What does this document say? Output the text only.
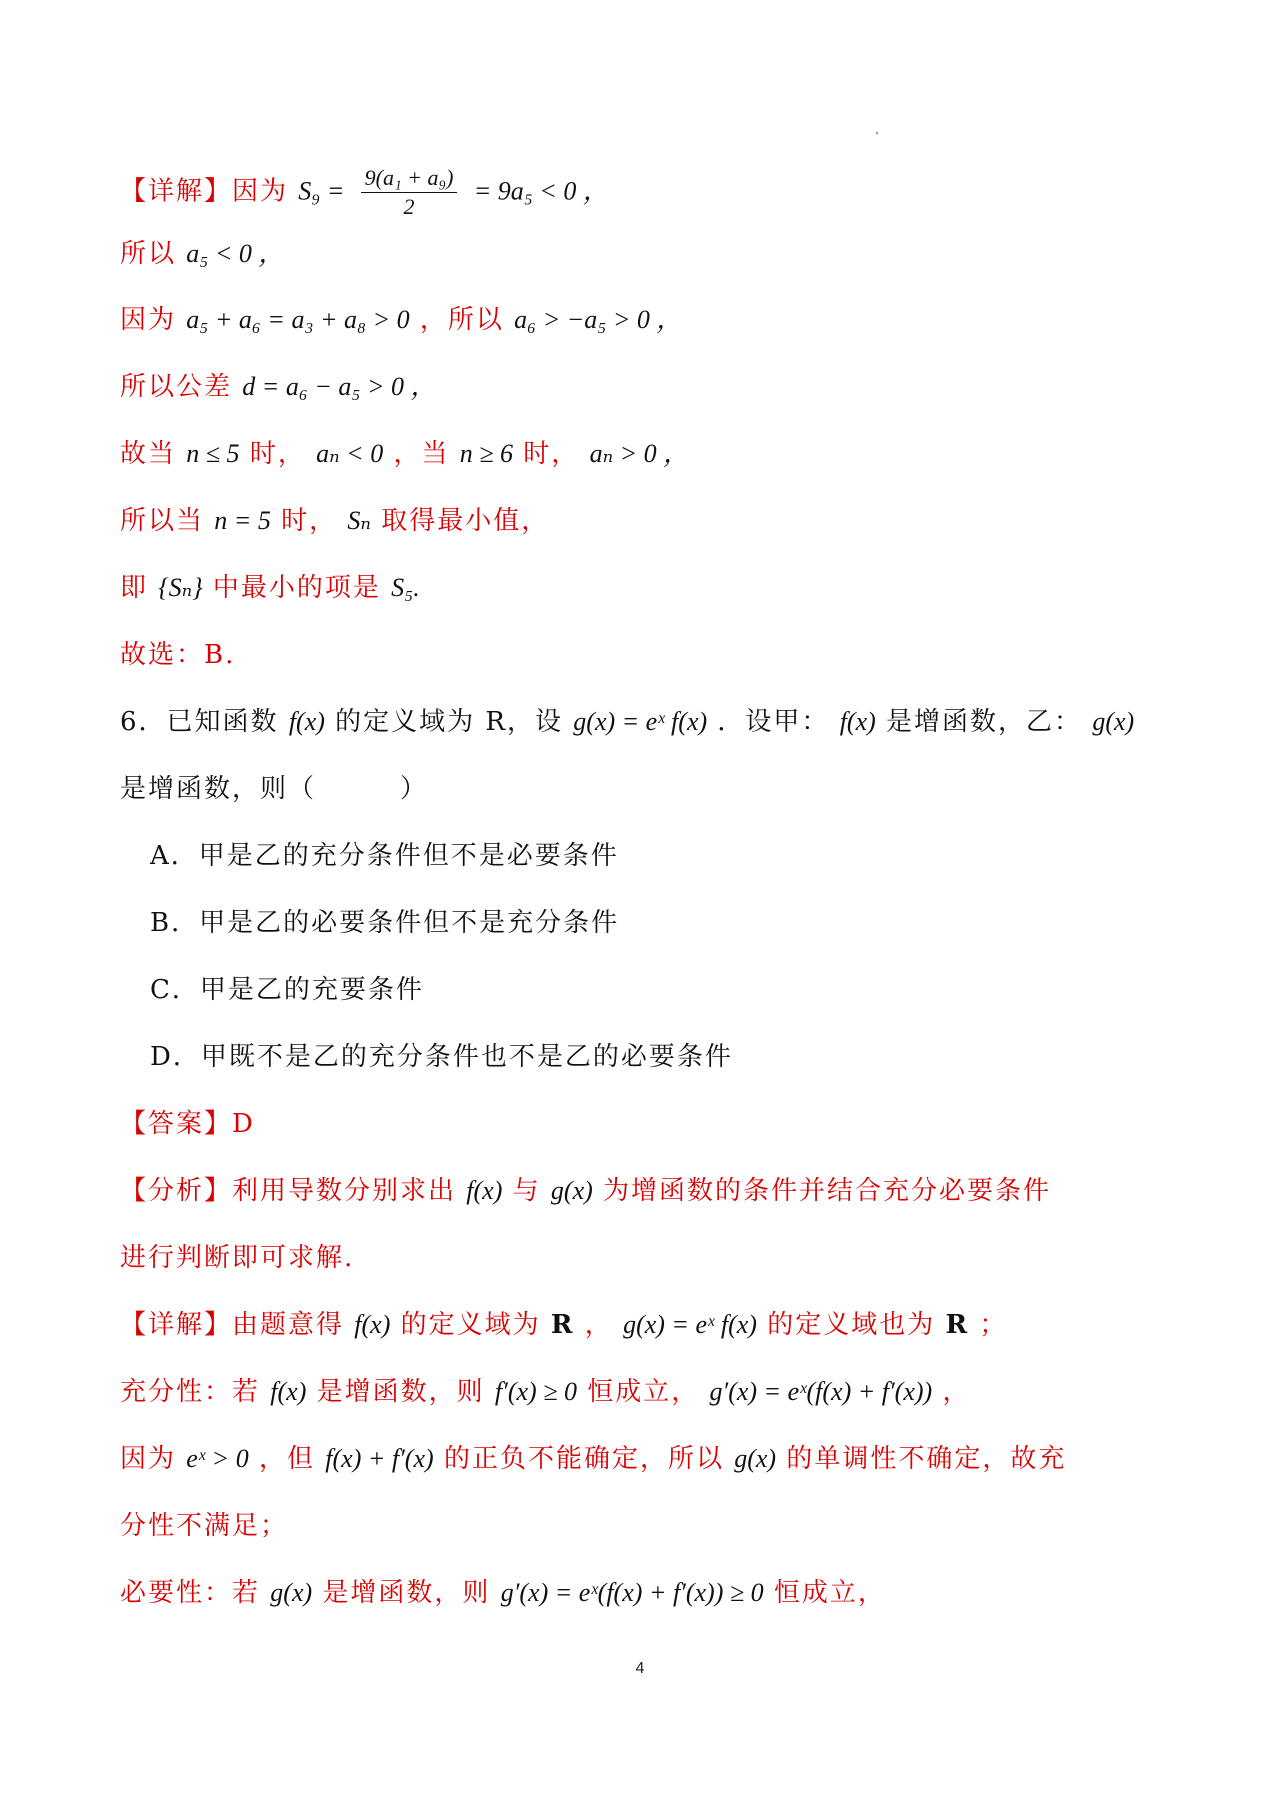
【详解】因为 $S_9 = \frac{\text{9(a₁ + a₉)}}{2} = 9a_5 < 0$ ，
所以 a₅ < 0 ，
因为 a₅ + a₆ = a₃ + a₈ > 0 ，所以 a₆ > −a₅ > 0 ，
所以公差 d = a₆ − a₅ > 0 ，
故当 n ≤ 5 时， aₙ < 0 ，当 n ≥ 6 时， aₙ > 0 ，
所以当 n = 5 时， Sₙ 取得最小值，
即 {Sₙ} 中最小的项是 S₅.
故选：B.
6．已知函数 f(x) 的定义域为 R，设 g(x) = eˣ f(x) ．设甲： f(x) 是增函数，乙： g(x)
是增函数，则（　　　）
A．甲是乙的充分条件但不是必要条件
B．甲是乙的必要条件但不是充分条件
C．甲是乙的充要条件
D．甲既不是乙的充分条件也不是乙的必要条件
【答案】D
【分析】利用导数分别求出 f(x) 与 g(x) 为增函数的条件并结合充分必要条件
进行判断即可求解.
【详解】由题意得 f(x) 的定义域为 R ， g(x) = eˣ f(x) 的定义域也为 R ；
充分性：若 f(x) 是增函数，则 f′(x) ≥ 0 恒成立， g′(x) = eˣ(f(x) + f′(x)) ，
因为 eˣ > 0 ，但 f(x) + f′(x) 的正负不能确定，所以 g(x) 的单调性不确定，故充
分性不满足；
必要性：若 g(x) 是增函数，则 g′(x) = eˣ(f(x) + f′(x)) ≥ 0 恒成立，
4
